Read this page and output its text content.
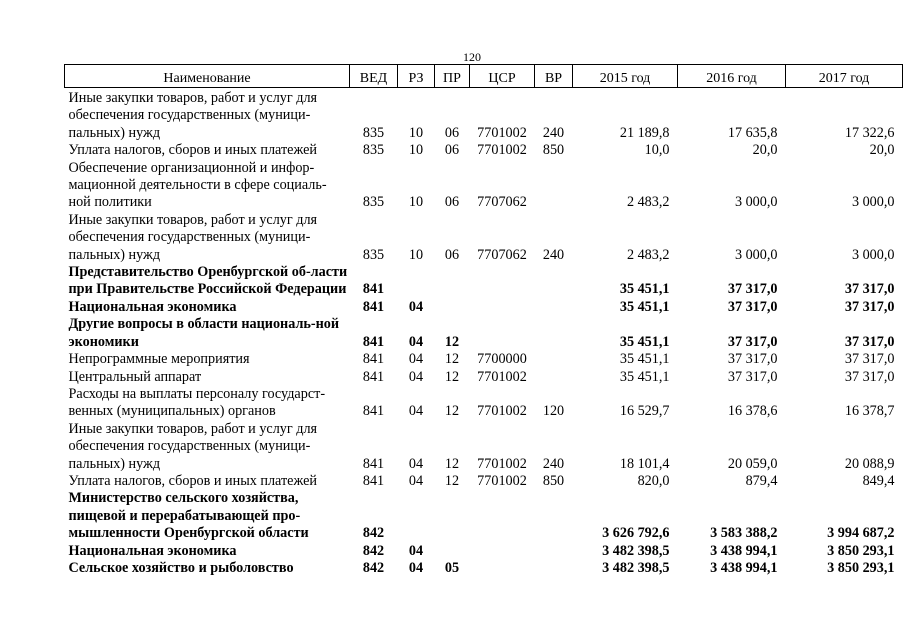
120
Наименование	ВЕД	РЗ	ПР	ЦСР	ВР	2015 год	2016 год	2017 год
Иные закупки товаров, работ и услуг для обеспечения государственных (муници-пальных) нужд	835	10	06	7701002	240	21 189,8	17 635,8	17 322,6
Уплата налогов, сборов и иных платежей	835	10	06	7701002	850	10,0	20,0	20,0
Обеспечение организационной и инфор-мационной деятельности в сфере социаль-ной политики	835	10	06	7707062		2 483,2	3 000,0	3 000,0
Иные закупки товаров, работ и услуг для обеспечения государственных (муници-пальных) нужд	835	10	06	7707062	240	2 483,2	3 000,0	3 000,0
Представительство Оренбургской об-ласти при Правительстве Российской Федерации	841					35 451,1	37 317,0	37 317,0
Национальная экономика	841	04				35 451,1	37 317,0	37 317,0
Другие вопросы в области националь-ной экономики	841	04	12			35 451,1	37 317,0	37 317,0
Непрограммные мероприятия	841	04	12	7700000		35 451,1	37 317,0	37 317,0
Центральный аппарат	841	04	12	7701002		35 451,1	37 317,0	37 317,0
Расходы на выплаты персоналу государст-венных (муниципальных) органов	841	04	12	7701002	120	16 529,7	16 378,6	16 378,7
Иные закупки товаров, работ и услуг для обеспечения государственных (муници-пальных) нужд	841	04	12	7701002	240	18 101,4	20 059,0	20 088,9
Уплата налогов, сборов и иных платежей	841	04	12	7701002	850	820,0	879,4	849,4
Министерство сельского хозяйства, пищевой и перерабатывающей про-мышленности Оренбургской области	842					3 626 792,6	3 583 388,2	3 994 687,2
Национальная экономика	842	04				3 482 398,5	3 438 994,1	3 850 293,1
Сельское хозяйство и рыболовство	842	04	05			3 482 398,5	3 438 994,1	3 850 293,1
